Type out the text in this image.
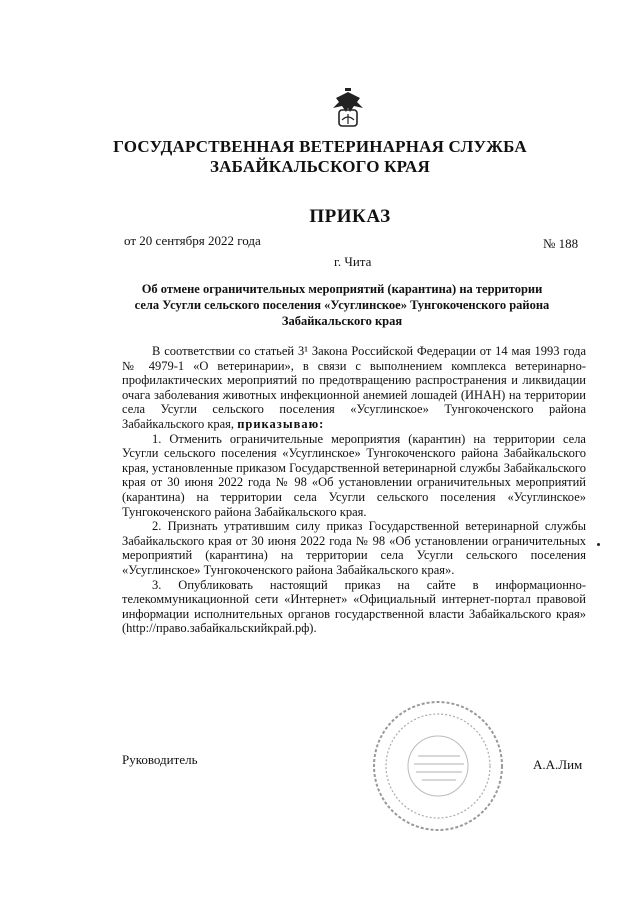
ГОСУДАРСТВЕННАЯ ВЕТЕРИНАРНАЯ СЛУЖБА
ЗАБАЙКАЛЬСКОГО КРАЯ
ПРИКАЗ
от 20 сентября 2022 года	№ 188
г. Чита
Об отмене ограничительных мероприятий (карантина) на территории села Усугли сельского поселения «Усуглинское» Тунгокоченского района Забайкальского края

В соответствии со статьей 3¹ Закона Российской Федерации от 14 мая 1993 года № 4979-1 «О ветеринарии», в связи с выполнением комплекса ветеринарно-профилактических мероприятий по предотвращению распространения и ликвидации очага заболевания животных инфекционной анемией лошадей (ИНАН) на территории села Усугли сельского поселения «Усуглинское» Тунгокоченского района Забайкальского края, приказываю:

1. Отменить ограничительные мероприятия (карантин) на территории села Усугли сельского поселения «Усуглинское» Тунгокоченского района Забайкальского края, установленные приказом Государственной ветеринарной службы Забайкальского края от 30 июня 2022 года № 98 «Об установлении ограничительных мероприятий (карантина) на территории села Усугли сельского поселения «Усуглинское» Тунгокоченского района Забайкальского края.

2. Признать утратившим силу приказ Государственной ветеринарной службы Забайкальского края от 30 июня 2022 года № 98 «Об установлении ограничительных мероприятий (карантина) на территории села Усугли сельского поселения «Усуглинское» Тунгокоченского района Забайкальского края».

3. Опубликовать настоящий приказ на сайте в информационно-телекоммуникационной сети «Интернет» «Официальный интернет-портал правовой информации исполнительных органов государственной власти Забайкальского края» (http://право.забайкальскийкрай.рф).

Руководитель	А.А.Лим
